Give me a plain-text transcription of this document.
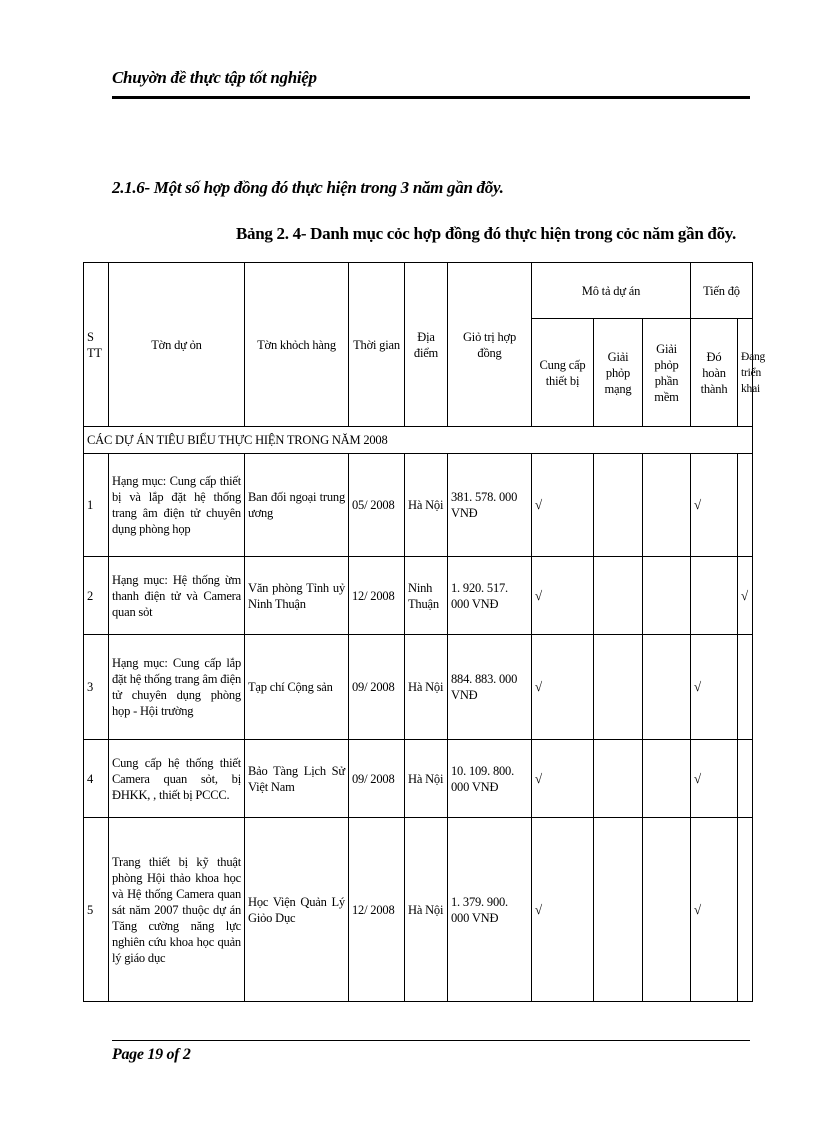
Chuyờn đề thực tập tốt nghiệp
2.1.6- Một số hợp đồng đó thực hiện trong 3 năm gần đõy.
Bảng 2. 4- Danh mục cỏc hợp đồng đó thực hiện trong cỏc năm gần đõy.
S
TT	Tờn dự ỏn	Tờn khỏch hàng	Thời gian	Địa điểm	Giỏ trị hợp đồng	Mô tả dự án			Tiến độ	
						Cung cấp thiết bị	Giải phỏp mạng	Giải phỏp phần mềm	Đó hoàn thành	Đang triển khai
CÁC DỰ ÁN TIÊU BIỂU THỰC HIỆN TRONG NĂM 2008										
1	Hạng mục: Cung cấp thiết bị và lắp đặt hệ thống trang âm điện tử chuyên dụng phòng họp	Ban đối ngoại trung ương	05/ 2008	Hà Nội	381. 578. 000 VNĐ	√			√	
2	Hạng mục: Hệ thống ừm thanh điện tử và Camera quan sỏt	Văn phòng Tỉnh uỷ Ninh Thuận	12/ 2008	Ninh Thuận	1. 920. 517. 000 VNĐ	√				√
3	Hạng mục: Cung cấp lắp đặt hệ thống trang âm điện tử chuyên dụng phòng họp - Hội trường	Tạp chí Cộng sản	09/ 2008	Hà Nội	884. 883. 000 VNĐ	√			√	
4	Cung cấp hệ thống thiết Camera quan sỏt, bị ĐHKK, , thiết bị PCCC.	Bảo Tàng Lịch Sử Việt Nam	09/ 2008	Hà Nội	10. 109. 800. 000 VNĐ	√			√	
5	Trang thiết bị kỹ thuật phòng Hội thảo khoa học và Hệ thống Camera quan sát năm 2007 thuộc dự án Tăng cường năng lực nghiên cứu khoa học quản lý giáo dục	Học Viện Quản Lý Giỏo Dục	12/ 2008	Hà Nội	1. 379. 900. 000 VNĐ	√			√	
Page 19 of 2
